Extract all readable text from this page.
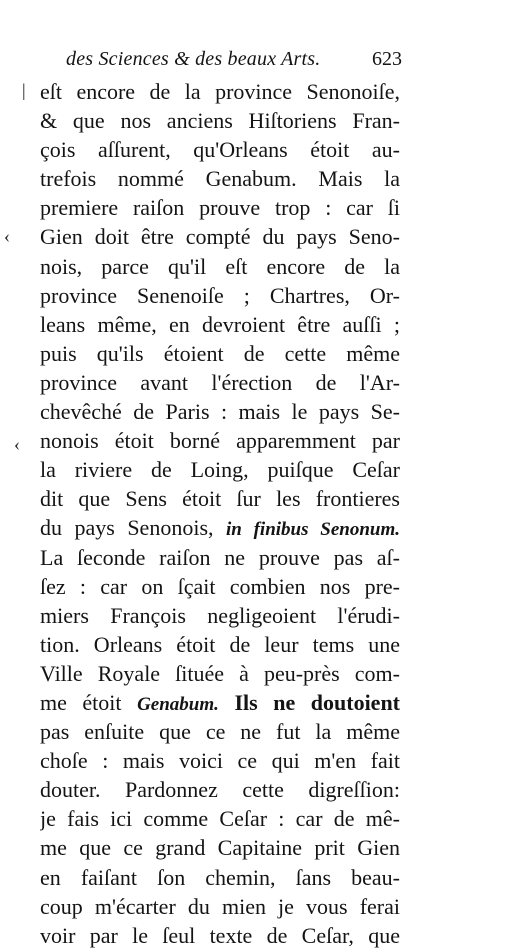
des Sciences & des beaux Arts.	623
|
‹
‹
eſt encore de la province Senonoiſe,
& que nos anciens Hiſtoriens Fran-
çois aſſurent, qu'Orleans étoit au-
trefois nommé Genabum. Mais la
premiere raiſon prouve trop : car ſi
Gien doit être compté du pays Seno-
nois, parce qu'il eſt encore de la
province Senenoiſe ; Chartres, Or-
leans même, en devroient être auſſi ;
puis qu'ils étoient de cette même
province avant l'érection de l'Ar-
chevêché de Paris : mais le pays Se-
nonois étoit borné apparemment par
la riviere de Loing, puiſque Ceſar
dit que Sens étoit ſur les frontieres
du pays Senonois, in finibus Senonum.
La ſeconde raiſon ne prouve pas aſ-
ſez : car on ſçait combien nos pre-
miers François negligeoient l'érudi-
tion. Orleans étoit de leur tems une
Ville Royale ſituée à peu-près com-
me étoit Genabum. Ils ne doutoient
pas enſuite que ce ne fut la même
choſe : mais voici ce qui m'en fait
douter. Pardonnez cette digreſſion:
je fais ici comme Ceſar : car de mê-
me que ce grand Capitaine prit Gien
en faiſant ſon chemin, ſans beau-
coup m'écarter du mien je vous ferai
voir par le ſeul texte de Ceſar, que
